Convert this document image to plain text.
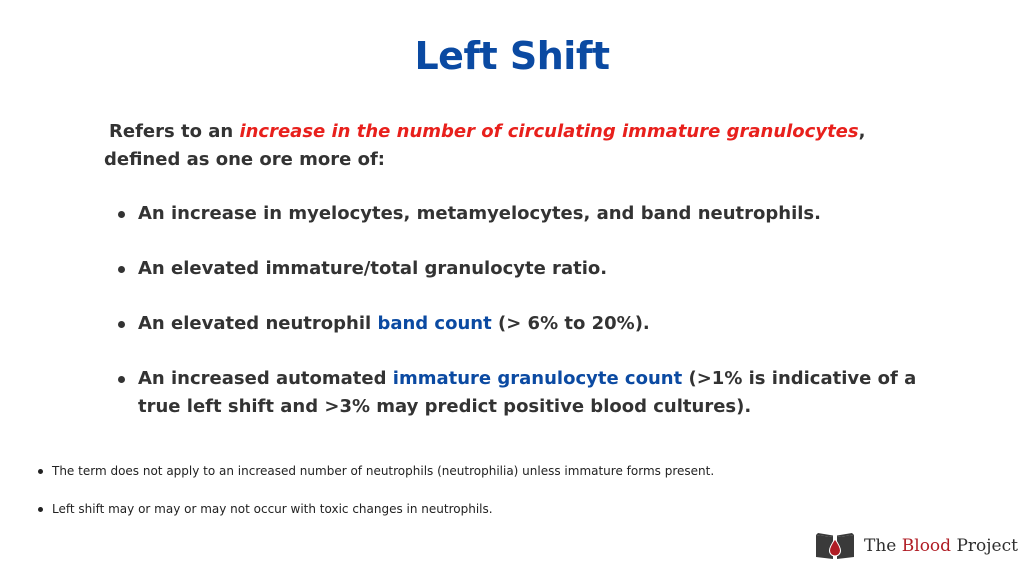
Left Shift
Refers to an increase in the number of circulating immature granulocytes,
defined as one ore more of:
An increase in myelocytes, metamyelocytes, and band neutrophils.
An elevated immature/total granulocyte ratio.
An elevated neutrophil band count (> 6% to 20%).
An increased automated immature granulocyte count (>1% is indicative of a true left shift and >3% may predict positive blood cultures).
The term does not apply to an increased number of neutrophils (neutrophilia) unless immature forms present.
Left shift may or may or may not occur with toxic changes in neutrophils.
The Blood Project
